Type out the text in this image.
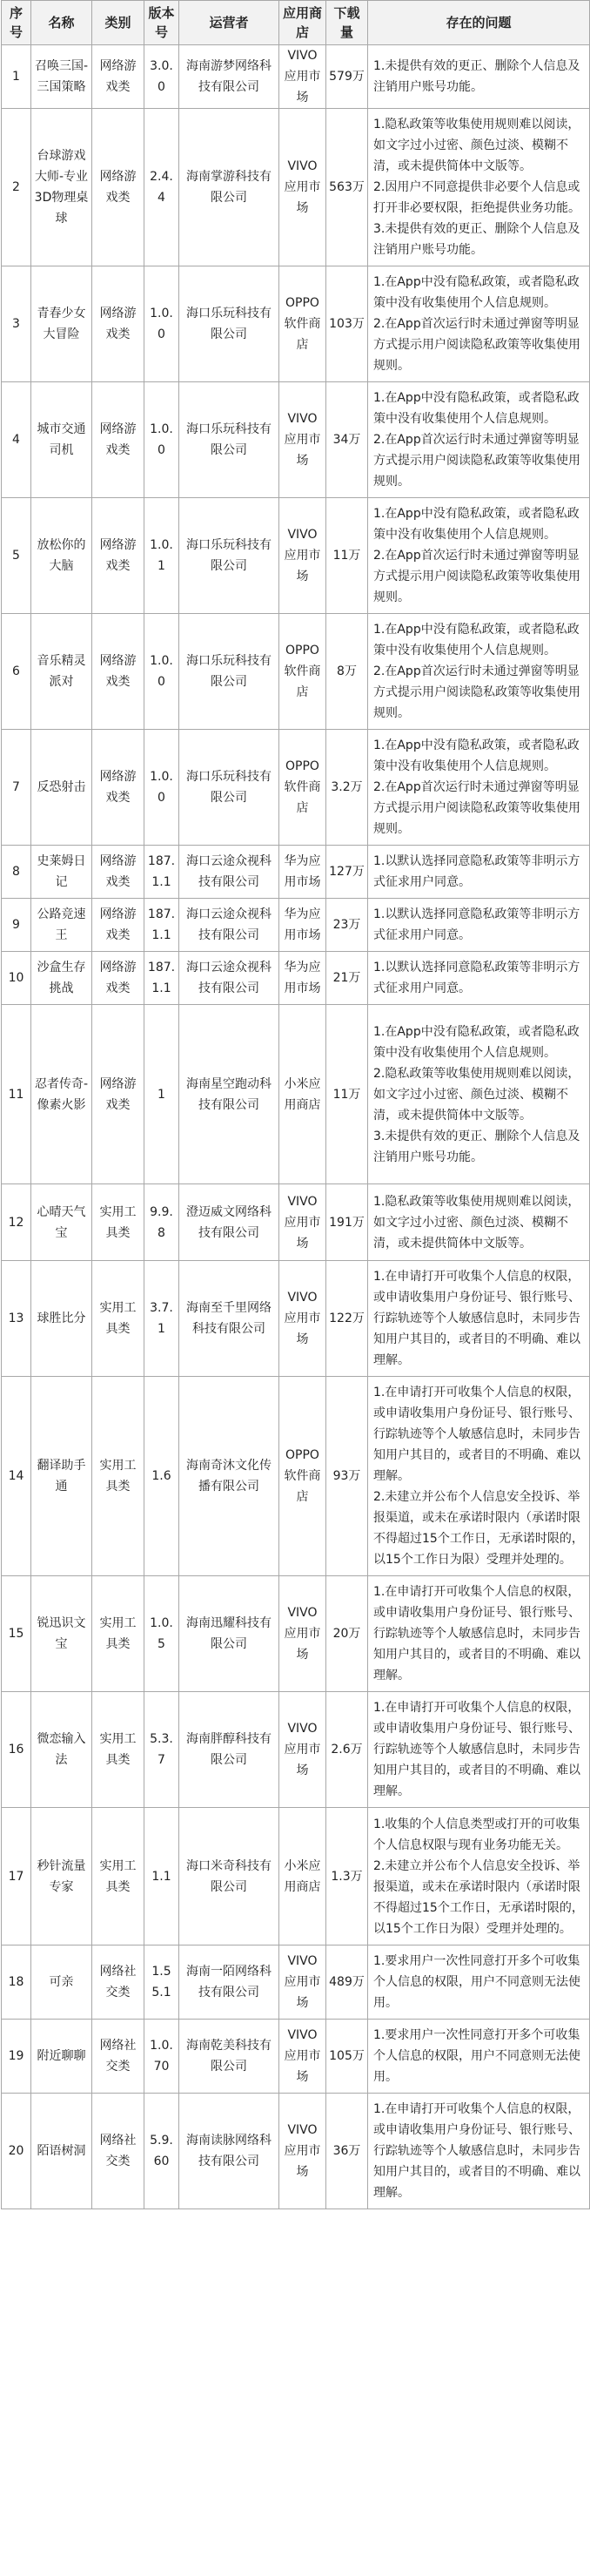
序号	名称	类别	版本号	运营者	应用商店	下载量	存在的问题
1	召唤三国-三国策略	网络游戏类	3.0.0	海南游梦网络科技有限公司	VIVO应用市场	579万	1.未提供有效的更正、删除个人信息及注销用户账号功能。

2	台球游戏大师-专业3D物理桌球	网络游戏类	2.4.4	海南掌游科技有限公司	VIVO应用市场	563万	1.隐私政策等收集使用规则难以阅读，如文字过小过密、颜色过淡、模糊不清，或未提供简体中文版等。
2.因用户不同意提供非必要个人信息或打开非必要权限，拒绝提供业务功能。
3.未提供有效的更正、删除个人信息及注销用户账号功能。

3	青春少女大冒险	网络游戏类	1.0.0	海口乐玩科技有限公司	OPPO软件商店	103万	1.在App中没有隐私政策，或者隐私政策中没有收集使用个人信息规则。
2.在App首次运行时未通过弹窗等明显方式提示用户阅读隐私政策等收集使用规则。

4	城市交通司机	网络游戏类	1.0.0	海口乐玩科技有限公司	VIVO应用市场	34万	1.在App中没有隐私政策，或者隐私政策中没有收集使用个人信息规则。
2.在App首次运行时未通过弹窗等明显方式提示用户阅读隐私政策等收集使用规则。

5	放松你的大脑	网络游戏类	1.0.1	海口乐玩科技有限公司	VIVO应用市场	11万	1.在App中没有隐私政策，或者隐私政策中没有收集使用个人信息规则。
2.在App首次运行时未通过弹窗等明显方式提示用户阅读隐私政策等收集使用规则。

6	音乐精灵派对	网络游戏类	1.0.0	海口乐玩科技有限公司	OPPO软件商店	8万	1.在App中没有隐私政策，或者隐私政策中没有收集使用个人信息规则。
2.在App首次运行时未通过弹窗等明显方式提示用户阅读隐私政策等收集使用规则。

7	反恐射击	网络游戏类	1.0.0	海口乐玩科技有限公司	OPPO软件商店	3.2万	1.在App中没有隐私政策，或者隐私政策中没有收集使用个人信息规则。
2.在App首次运行时未通过弹窗等明显方式提示用户阅读隐私政策等收集使用规则。

8	史莱姆日记	网络游戏类	187.1.1	海口云途众视科技有限公司	华为应用市场	127万	1.以默认选择同意隐私政策等非明示方式征求用户同意。

9	公路竞速王	网络游戏类	187.1.1	海口云途众视科技有限公司	华为应用市场	23万	1.以默认选择同意隐私政策等非明示方式征求用户同意。

10	沙盒生存挑战	网络游戏类	187.1.1	海口云途众视科技有限公司	华为应用市场	21万	1.以默认选择同意隐私政策等非明示方式征求用户同意。

11	忍者传奇-像素火影	网络游戏类	1	海南星空跑动科技有限公司	小米应用商店	11万	1.在App中没有隐私政策，或者隐私政策中没有收集使用个人信息规则。
2.隐私政策等收集使用规则难以阅读，如文字过小过密、颜色过淡、模糊不清，或未提供简体中文版等。
3.未提供有效的更正、删除个人信息及注销用户账号功能。

12	心晴天气宝	实用工具类	9.9.8	澄迈威文网络科技有限公司	VIVO应用市场	191万	1.隐私政策等收集使用规则难以阅读，如文字过小过密、颜色过淡、模糊不清，或未提供简体中文版等。

13	球胜比分	实用工具类	3.7.1	海南至千里网络科技有限公司	VIVO应用市场	122万	1.在申请打开可收集个人信息的权限，或申请收集用户身份证号、银行账号、行踪轨迹等个人敏感信息时，未同步告知用户其目的，或者目的不明确、难以理解。

14	翻译助手通	实用工具类	1.6	海南奇沐文化传播有限公司	OPPO软件商店	93万	1.在申请打开可收集个人信息的权限，或申请收集用户身份证号、银行账号、行踪轨迹等个人敏感信息时，未同步告知用户其目的，或者目的不明确、难以理解。
2.未建立并公布个人信息安全投诉、举报渠道，或未在承诺时限内（承诺时限不得超过15个工作日，无承诺时限的，以15个工作日为限）受理并处理的。

15	锐迅识文宝	实用工具类	1.0.5	海南迅耀科技有限公司	VIVO应用市场	20万	1.在申请打开可收集个人信息的权限，或申请收集用户身份证号、银行账号、行踪轨迹等个人敏感信息时，未同步告知用户其目的，或者目的不明确、难以理解。

16	微恋输入法	实用工具类	5.3.7	海南胖醇科技有限公司	VIVO应用市场	2.6万	1.在申请打开可收集个人信息的权限，或申请收集用户身份证号、银行账号、行踪轨迹等个人敏感信息时，未同步告知用户其目的，或者目的不明确、难以理解。

17	秒针流量专家	实用工具类	1.1	海口米奇科技有限公司	小米应用商店	1.3万	1.收集的个人信息类型或打开的可收集个人信息权限与现有业务功能无关。
2.未建立并公布个人信息安全投诉、举报渠道，或未在承诺时限内（承诺时限不得超过15个工作日，无承诺时限的，以15个工作日为限）受理并处理的。

18	可亲	网络社交类	1.55.1	海南一陌网络科技有限公司	VIVO应用市场	489万	1.要求用户一次性同意打开多个可收集个人信息的权限，用户不同意则无法使用。

19	附近聊聊	网络社交类	1.0.70	海南乾美科技有限公司	VIVO应用市场	105万	1.要求用户一次性同意打开多个可收集个人信息的权限，用户不同意则无法使用。

20	陌语树洞	网络社交类	5.9.60	海南读脉网络科技有限公司	VIVO应用市场	36万	1.在申请打开可收集个人信息的权限，或申请收集用户身份证号、银行账号、行踪轨迹等个人敏感信息时，未同步告知用户其目的，或者目的不明确、难以理解。
